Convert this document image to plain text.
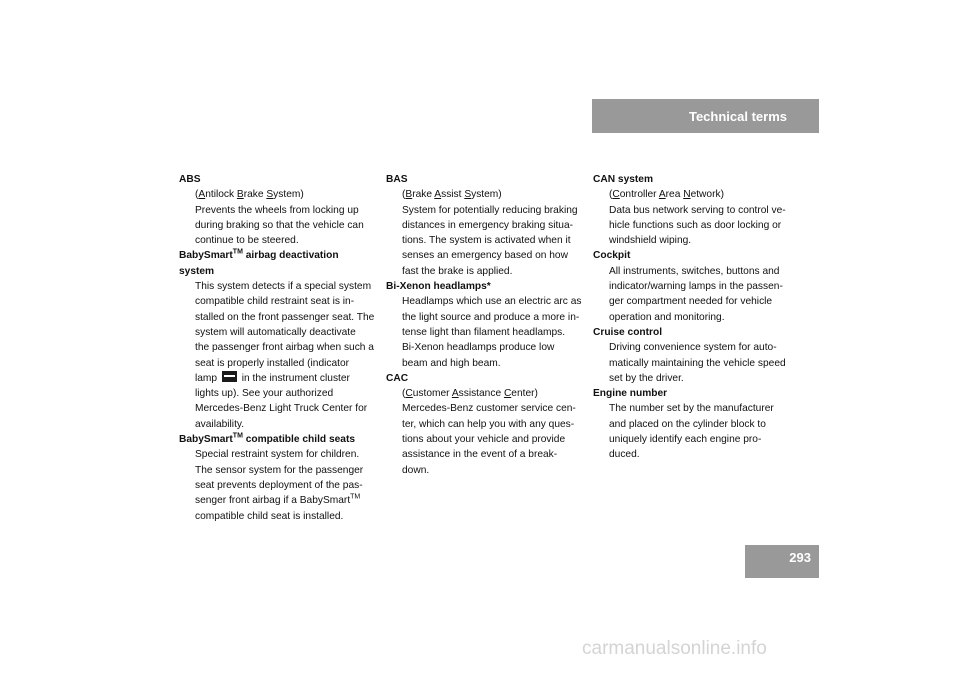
Technical terms
ABS
(Antilock Brake System)
Prevents the wheels from locking up
during braking so that the vehicle can
continue to be steered.
BabySmart™ airbag deactivation
system
This system detects if a special system
compatible child restraint seat is in-
stalled on the front passenger seat. The
system will automatically deactivate
the passenger front airbag when such a
seat is properly installed (indicator
lamp in the instrument cluster
lights up). See your authorized
Mercedes-Benz Light Truck Center for
availability.
BabySmart™ compatible child seats
Special restraint system for children.
The sensor system for the passenger
seat prevents deployment of the pas-
senger front airbag if a BabySmart™
compatible child seat is installed.
BAS
(Brake Assist System)
System for potentially reducing braking
distances in emergency braking situa-
tions. The system is activated when it
senses an emergency based on how
fast the brake is applied.
Bi-Xenon headlamps*
Headlamps which use an electric arc as
the light source and produce a more in-
tense light than filament headlamps.
Bi-Xenon headlamps produce low
beam and high beam.
CAC
(Customer Assistance Center)
Mercedes-Benz customer service cen-
ter, which can help you with any ques-
tions about your vehicle and provide
assistance in the event of a break-
down.
CAN system
(Controller Area Network)
Data bus network serving to control ve-
hicle functions such as door locking or
windshield wiping.
Cockpit
All instruments, switches, buttons and
indicator/warning lamps in the passen-
ger compartment needed for vehicle
operation and monitoring.
Cruise control
Driving convenience system for auto-
matically maintaining the vehicle speed
set by the driver.
Engine number
The number set by the manufacturer
and placed on the cylinder block to
uniquely identify each engine pro-
duced.
293
carmanualsonline.info
